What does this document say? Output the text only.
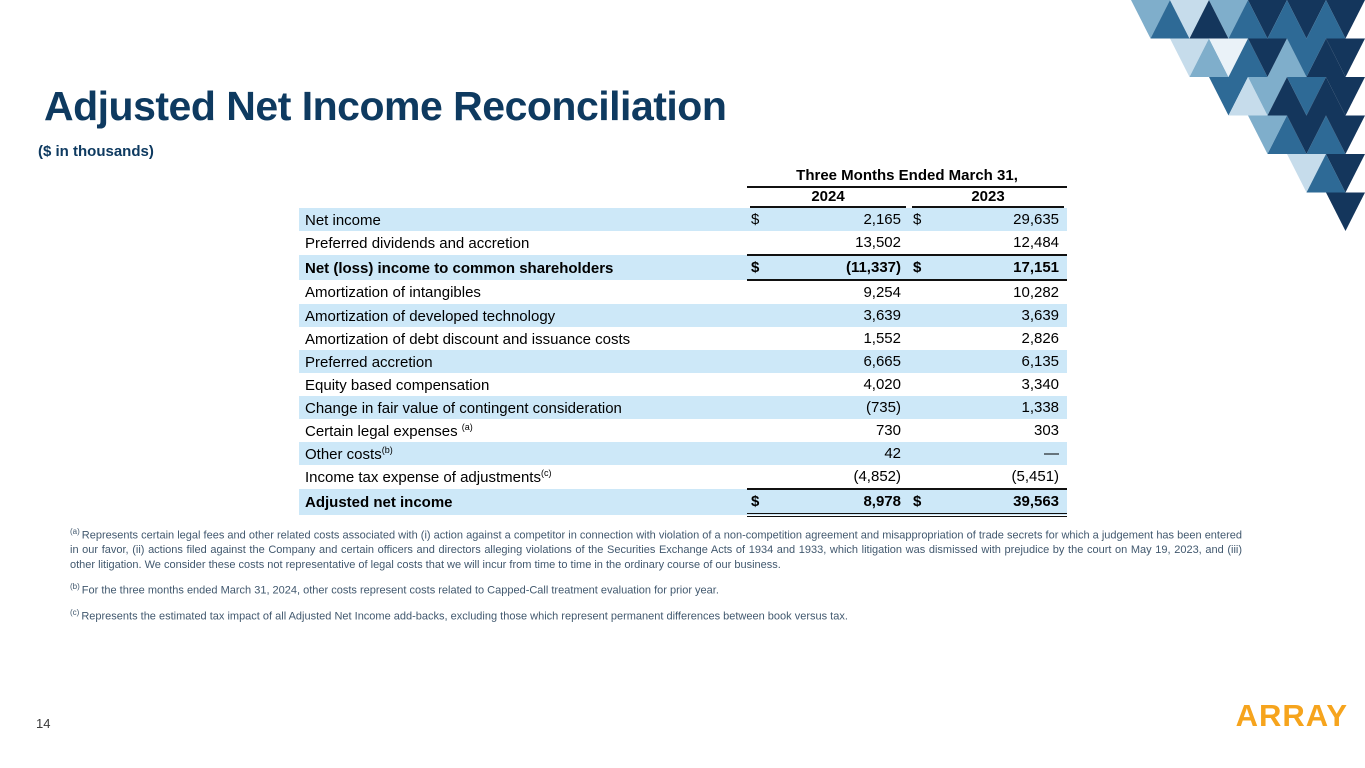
Adjusted Net Income Reconciliation
($ in thousands)
	Three Months Ended March 31,			

	2024		2023	

Net income	$	2,165	$	29,635
Preferred dividends and accretion		13,502		12,484
Net (loss) income to common shareholders	$	(11,337)	$	17,151
Amortization of intangibles		9,254		10,282
Amortization of developed technology		3,639		3,639
Amortization of debt discount and issuance costs		1,552		2,826
Preferred accretion		6,665		6,135
Equity based compensation		4,020		3,340
Change in fair value of contingent consideration		(735)		1,338
Certain legal expenses $^{(a)}$		730		303
Other costs$^{(b)}$		42		—
Income tax expense of adjustments$^{(c)}$		(4,852)		(5,451)
Adjusted net income	$	8,978	$	39,563

$^{(a)}$ Represents certain legal fees and other related costs associated with (i) action against a competitor in connection with violation of a non-competition agreement and misappropriation of trade secrets for which a judgement has been entered in our favor, (ii) actions filed against the Company and certain officers and directors alleging violations of the Securities Exchange Acts of 1934 and 1933, which litigation was dismissed with prejudice by the court on May 19, 2023, and (iii) other litigation. We consider these costs not representative of legal costs that we will incur from time to time in the ordinary course of our business.

$^{(b)}$ For the three months ended March 31, 2024, other costs represent costs related to Capped-Call treatment evaluation for prior year.

$^{(c)}$ Represents the estimated tax impact of all Adjusted Net Income add-backs, excluding those which represent permanent differences between book versus tax.

14	ARRAY
